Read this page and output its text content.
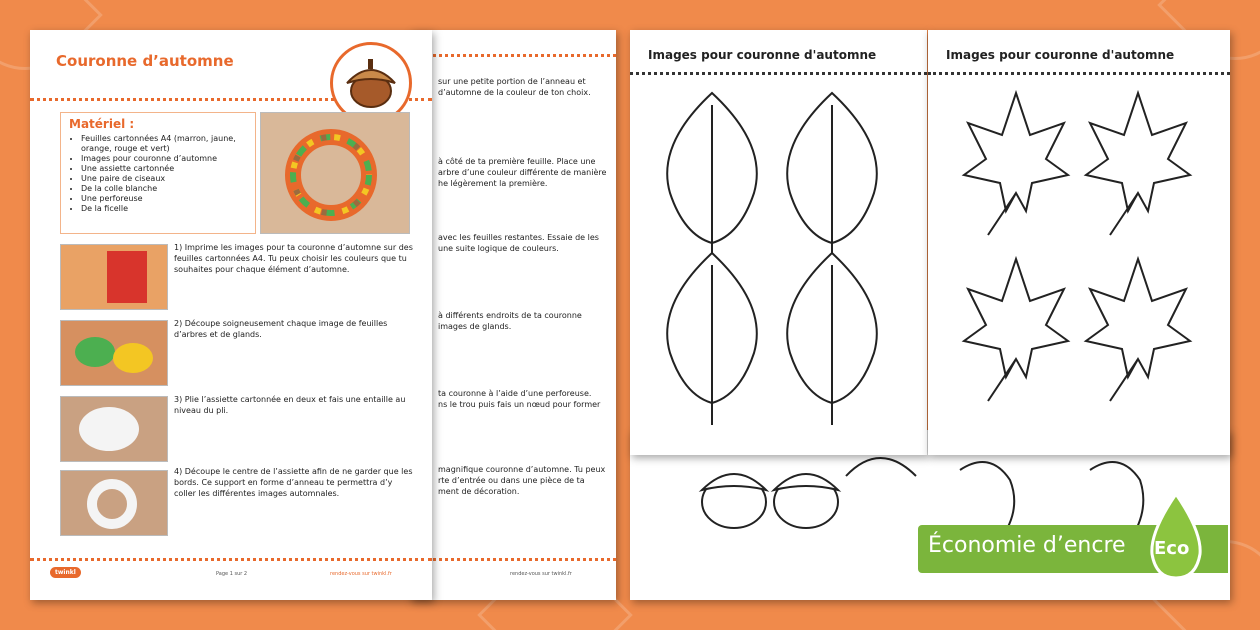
sur une petite portion de l’anneau et
d’automne de la couleur de ton choix.
à côté de ta première feuille. Place une
arbre d’une couleur différente de manière
he légèrement la première.
avec les feuilles restantes. Essaie de les
une suite logique de couleurs.
à différents endroits de ta couronne
images de glands.
ta couronne à l’aide d’une perforeuse.
ns le trou puis fais un nœud pour former
magnifique couronne d’automne. Tu peux
rte d’entrée ou dans une pièce de ta
ment de décoration.
rendez-vous sur twinkl.fr
Couronne d’automne
Matériel :
• Feuilles cartonnées A4 (marron, jaune, orange, rouge et vert)
• Images pour couronne d’automne
• Une assiette cartonnée
• Une paire de ciseaux
• De la colle blanche
• Une perforeuse
• De la ficelle
1) Imprime les images pour ta couronne d’automne sur des feuilles cartonnées A4. Tu peux choisir les couleurs que tu souhaites pour chaque élément d’automne.
2) Découpe soigneusement chaque image de feuilles d’arbres et de glands.
3) Plie l’assiette cartonnée en deux et fais une entaille au niveau du pli.
4) Découpe le centre de l’assiette afin de ne garder que les bords. Ce support en forme d’anneau te permettra d’y coller les différentes images automnales.
twinkl	Page 1 sur 2	rendez-vous sur twinkl.fr
Images pour couronne d'automne	Images pour couronne d'automne
Économie d’encre Eco
